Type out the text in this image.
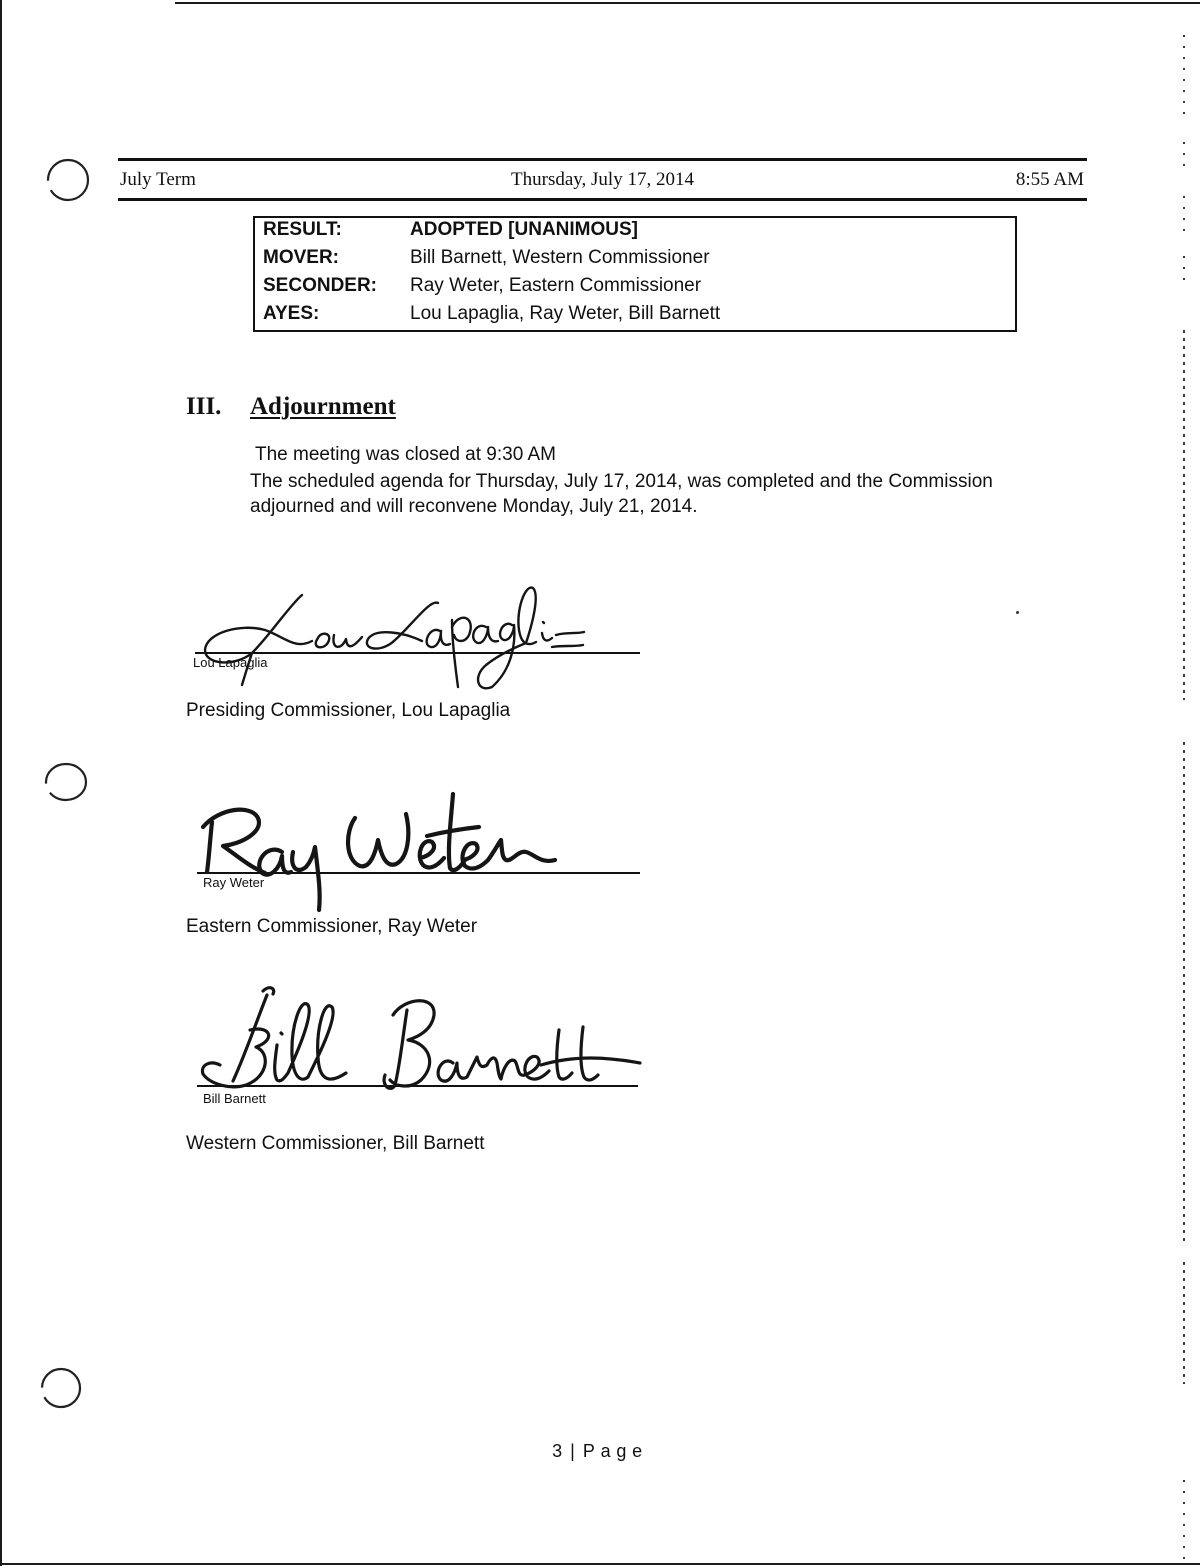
July Term	Thursday, July 17, 2014	8:55 AM
RESULT:	ADOPTED [UNANIMOUS]
MOVER:	Bill Barnett, Western Commissioner
SECONDER:	Ray Weter, Eastern Commissioner
AYES:	Lou Lapaglia, Ray Weter, Bill Barnett
III. Adjournment
The meeting was closed at 9:30 AM
The scheduled agenda for Thursday, July 17, 2014, was completed and the Commission
adjourned and will reconvene Monday, July 21, 2014.
Lou Lapaglia
Presiding Commissioner, Lou Lapaglia
Ray Weter
Eastern Commissioner, Ray Weter
Bill Barnett
Western Commissioner, Bill Barnett
3 | Page
